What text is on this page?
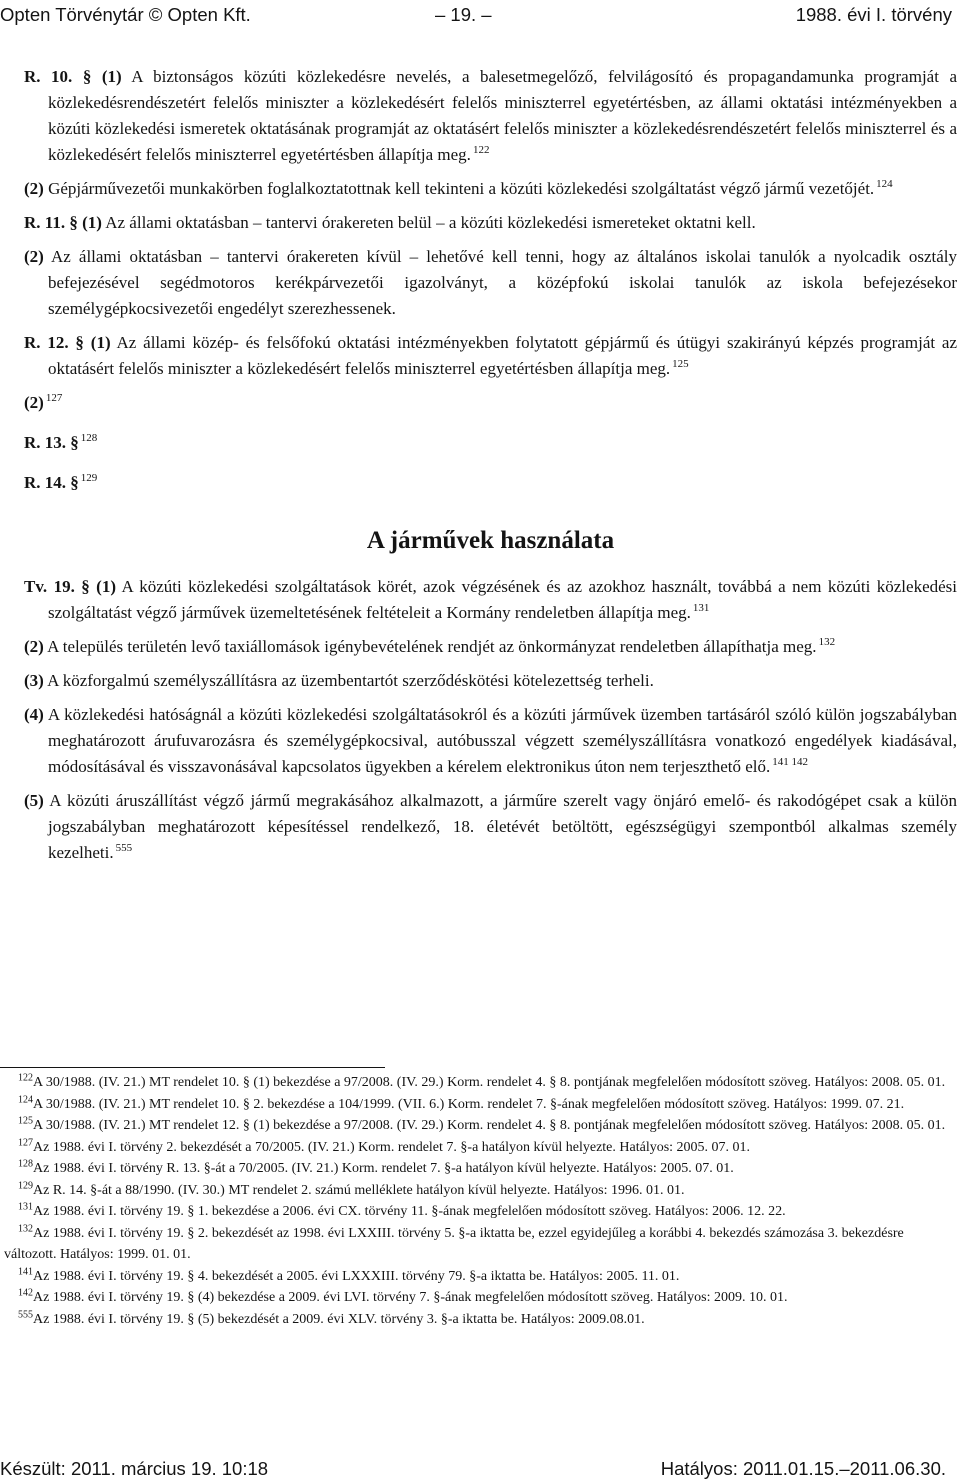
Opten Törvénytár © Opten Kft.	– 19. –	1988. évi I. törvény

R. 10. § (1) A biztonságos közúti közlekedésre nevelés, a balesetmegelőző, felvilágosító és propagandamunka programját a közlekedésrendészetért felelős miniszter a közlekedésért felelős miniszterrel egyetértésben, az állami oktatási intézményekben a közúti közlekedési ismeretek oktatásának programját az oktatásért felelős miniszter a közlekedésrendészetért felelős miniszterrel és a közlekedésért felelős miniszterrel egyetértésben állapítja meg. $^{122}$

(2) Gépjárművezetői munkakörben foglalkoztatottnak kell tekinteni a közúti közlekedési szolgáltatást végző jármű vezetőjét. $^{124}$

R. 11. § (1) Az állami oktatásban – tantervi órakereten belül – a közúti közlekedési ismereteket oktatni kell.

(2) Az állami oktatásban – tantervi órakereten kívül – lehetővé kell tenni, hogy az általános iskolai tanulók a nyolcadik osztály befejezésével segédmotoros kerékpárvezetői igazolványt, a középfokú iskolai tanulók az iskola befejezésekor személygépkocsivezetői engedélyt szerezhessenek.

R. 12. § (1) Az állami közép- és felsőfokú oktatási intézményekben folytatott gépjármű és útügyi szakirányú képzés programját az oktatásért felelős miniszter a közlekedésért felelős miniszterrel egyetértésben állapítja meg. $^{125}$

(2) $^{127}$

R. 13. § $^{128}$

R. 14. § $^{129}$

A járművek használata

Tv. 19. § (1) A közúti közlekedési szolgáltatások körét, azok végzésének és az azokhoz használt, továbbá a nem közúti közlekedési szolgáltatást végző járművek üzemeltetésének feltételeit a Kormány rendeletben állapítja meg. $^{131}$

(2) A település területén levő taxiállomások igénybevételének rendjét az önkormányzat rendeletben állapíthatja meg. $^{132}$

(3) A közforgalmú személyszállításra az üzembentartót szerződéskötési kötelezettség terheli.

(4) A közlekedési hatóságnál a közúti közlekedési szolgáltatásokról és a közúti járművek üzemben tartásáról szóló külön jogszabályban meghatározott árufuvarozásra és személygépkocsival, autóbusszal végzett személyszállításra vonatkozó engedélyek kiadásával, módosításával és visszavonásával kapcsolatos ügyekben a kérelem elektronikus úton nem terjeszthető elő. $^{141 142}$

(5) A közúti áruszállítást végző jármű megrakásához alkalmazott, a járműre szerelt vagy önjáró emelő- és rakodógépet csak a külön jogszabályban meghatározott képesítéssel rendelkező, 18. életévét betöltött, egészségügyi szempontból alkalmas személy kezelheti. $^{555}$

$^{122}$A 30/1988. (IV. 21.) MT rendelet 10. § (1) bekezdése a 97/2008. (IV. 29.) Korm. rendelet 4. § 8. pontjának megfelelően módosított szöveg. Hatályos: 2008. 05. 01.

$^{124}$A 30/1988. (IV. 21.) MT rendelet 10. § 2. bekezdése a 104/1999. (VII. 6.) Korm. rendelet 7. §-ának megfelelően módosított szöveg. Hatályos: 1999. 07. 21.

$^{125}$A 30/1988. (IV. 21.) MT rendelet 12. § (1) bekezdése a 97/2008. (IV. 29.) Korm. rendelet 4. § 8. pontjának megfelelően módosított szöveg. Hatályos: 2008. 05. 01.

$^{127}$Az 1988. évi I. törvény 2. bekezdését a 70/2005. (IV. 21.) Korm. rendelet 7. §-a hatályon kívül helyezte. Hatályos: 2005. 07. 01.

$^{128}$Az 1988. évi I. törvény R. 13. §-át a 70/2005. (IV. 21.) Korm. rendelet 7. §-a hatályon kívül helyezte. Hatályos: 2005. 07. 01.

$^{129}$Az R. 14. §-át a 88/1990. (IV. 30.) MT rendelet 2. számú melléklete hatályon kívül helyezte. Hatályos: 1996. 01. 01.

$^{131}$Az 1988. évi I. törvény 19. § 1. bekezdése a 2006. évi CX. törvény 11. §-ának megfelelően módosított szöveg. Hatályos: 2006. 12. 22.

$^{132}$Az 1988. évi I. törvény 19. § 2. bekezdését az 1998. évi LXXIII. törvény 5. §-a iktatta be, ezzel egyidejűleg a korábbi 4. bekezdés számozása 3. bekezdésre változott. Hatályos: 1999. 01. 01.

$^{141}$Az 1988. évi I. törvény 19. § 4. bekezdését a 2005. évi LXXXIII. törvény 79. §-a iktatta be. Hatályos: 2005. 11. 01.

$^{142}$Az 1988. évi I. törvény 19. § (4) bekezdése a 2009. évi LVI. törvény 7. §-ának megfelelően módosított szöveg. Hatályos: 2009. 10. 01.

$^{555}$Az 1988. évi I. törvény 19. § (5) bekezdését a 2009. évi XLV. törvény 3. §-a iktatta be. Hatályos: 2009.08.01.

Készült: 2011. március 19. 10:18	Hatályos: 2011.01.15.–2011.06.30.
